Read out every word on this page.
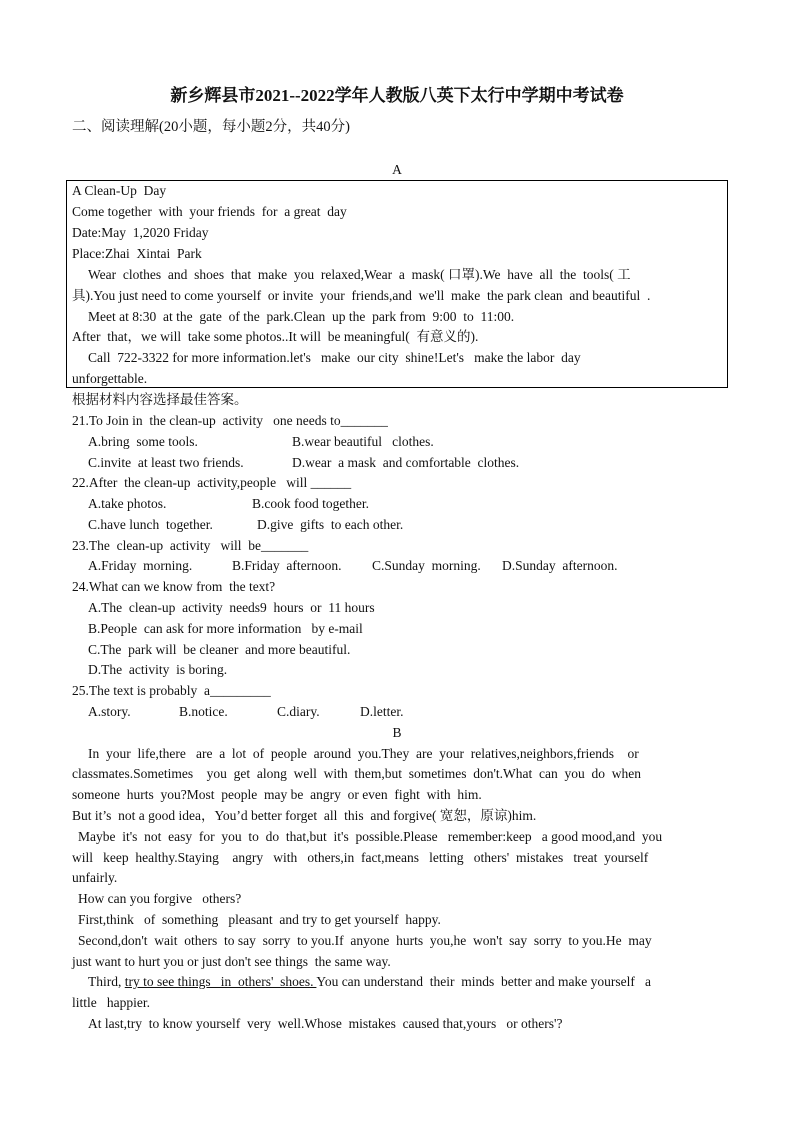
新乡辉县市2021--2022学年人教版八英下太行中学期中考试卷
二、阅读理解(20小题，每小题2分，共40分)
A
A Clean-Up  Day
Come together  with  your friends  for  a great  day
Date:May  1,2020 Friday
Place:Zhai  Xintai  Park
Wear  clothes  and  shoes  that  make  you  relaxed,Wear  a  mask( 口罩).We  have  all  the  tools( 工
具).You just need to come yourself  or invite  your  friends,and  we'll  make  the park clean  and beautiful  .
Meet at 8:30  at the  gate  of the  park.Clean  up the  park from  9:00  to  11:00.
After  that，we will  take some photos..It will  be meaningful(  有意义的).
Call  722-3322 for more information.let's   make  our city  shine!Let's   make the labor  day
unforgettable.
根据材料内容选择最佳答案。
21.To Join in  the clean-up  activity   one needs to_______
A.bring  some tools.	B.wear beautiful   clothes.
C.invite  at least two friends.	D.wear  a mask  and comfortable  clothes.
22.After  the clean-up  activity,people   will ______
A.take photos.	B.cook food together.
C.have lunch  together.	D.give  gifts  to each other.
23.The  clean-up  activity   will  be_______
A.Friday  morning.	B.Friday  afternoon. C.Sunday  morning. D.Sunday  afternoon.
24.What can we know from  the text?
A.The  clean-up  activity  needs9  hours  or  11 hours
B.People  can ask for more information   by e-mail
C.The  park will  be cleaner  and more beautiful.
D.The  activity  is boring.
25.The text is probably  a_________
A.story.	B.notice.	C.diary.	D.letter.
B
In  your  life,there   are  a  lot  of  people  around  you.They  are  your  relatives,neighbors,friends    or
classmates.Sometimes    you  get  along  well  with  them,but  sometimes  don't.What  can  you  do  when
someone  hurts  you?Most  people  may be  angry  or even  fight  with  him.
But it’s  not a good idea，You’d better forget  all  this  and forgive( 宽恕，原谅)him.
Maybe  it's  not  easy  for  you  to  do  that,but  it's  possible.Please   remember:keep   a good mood,and  you
will   keep  healthy.Staying    angry   with   others,in  fact,means   letting   others'  mistakes   treat  yourself
unfairly.
How can you forgive   others?
First,think   of  something   pleasant  and try to get yourself  happy.
Second,don't  wait  others  to say  sorry  to you.If  anyone  hurts  you,he  won't  say  sorry  to you.He  may
just want to hurt you or just don't see things  the same way.
Third, try to see things   in  others'  shoes. You can understand  their  minds  better and make yourself   a
little   happier.
At last,try  to know yourself  very  well.Whose  mistakes  caused that,yours   or others'?
